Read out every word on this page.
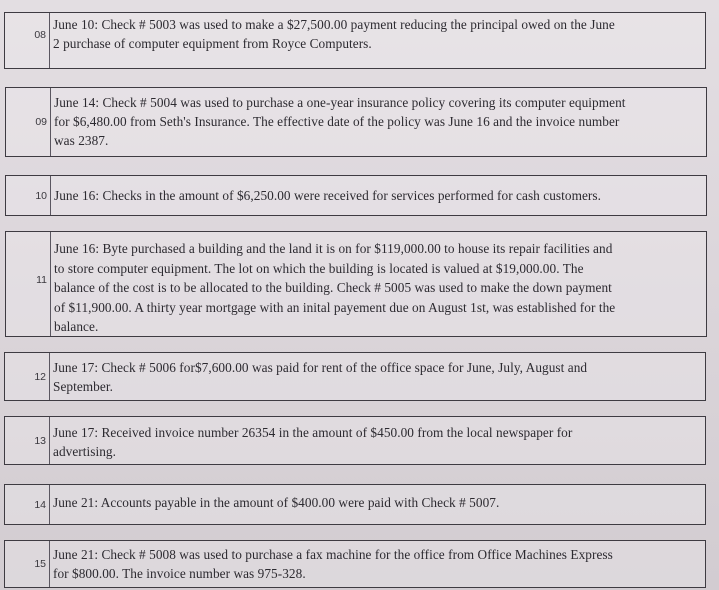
08
June 10: Check # 5003 was used to make a $27,500.00 payment reducing the principal owed on the June
2 purchase of computer equipment from Royce Computers.
09
June 14: Check # 5004 was used to purchase a one-year insurance policy covering its computer equipment
for $6,480.00 from Seth's Insurance. The effective date of the policy was June 16 and the invoice number
was 2387.
10 June 16: Checks in the amount of $6,250.00 were received for services performed for cash customers.
11
June 16: Byte purchased a building and the land it is on for $119,000.00 to house its repair facilities and
to store computer equipment. The lot on which the building is located is valued at $19,000.00. The
balance of the cost is to be allocated to the building. Check # 5005 was used to make the down payment
of $11,900.00. A thirty year mortgage with an inital payement due on August 1st, was established for the
balance.
12
June 17: Check # 5006 for$7,600.00 was paid for rent of the office space for June, July, August and
September.
13
June 17: Received invoice number 26354 in the amount of $450.00 from the local newspaper for
advertising.
14 June 21: Accounts payable in the amount of $400.00 were paid with Check # 5007.
15
June 21: Check # 5008 was used to purchase a fax machine for the office from Office Machines Express
for $800.00. The invoice number was 975-328.
